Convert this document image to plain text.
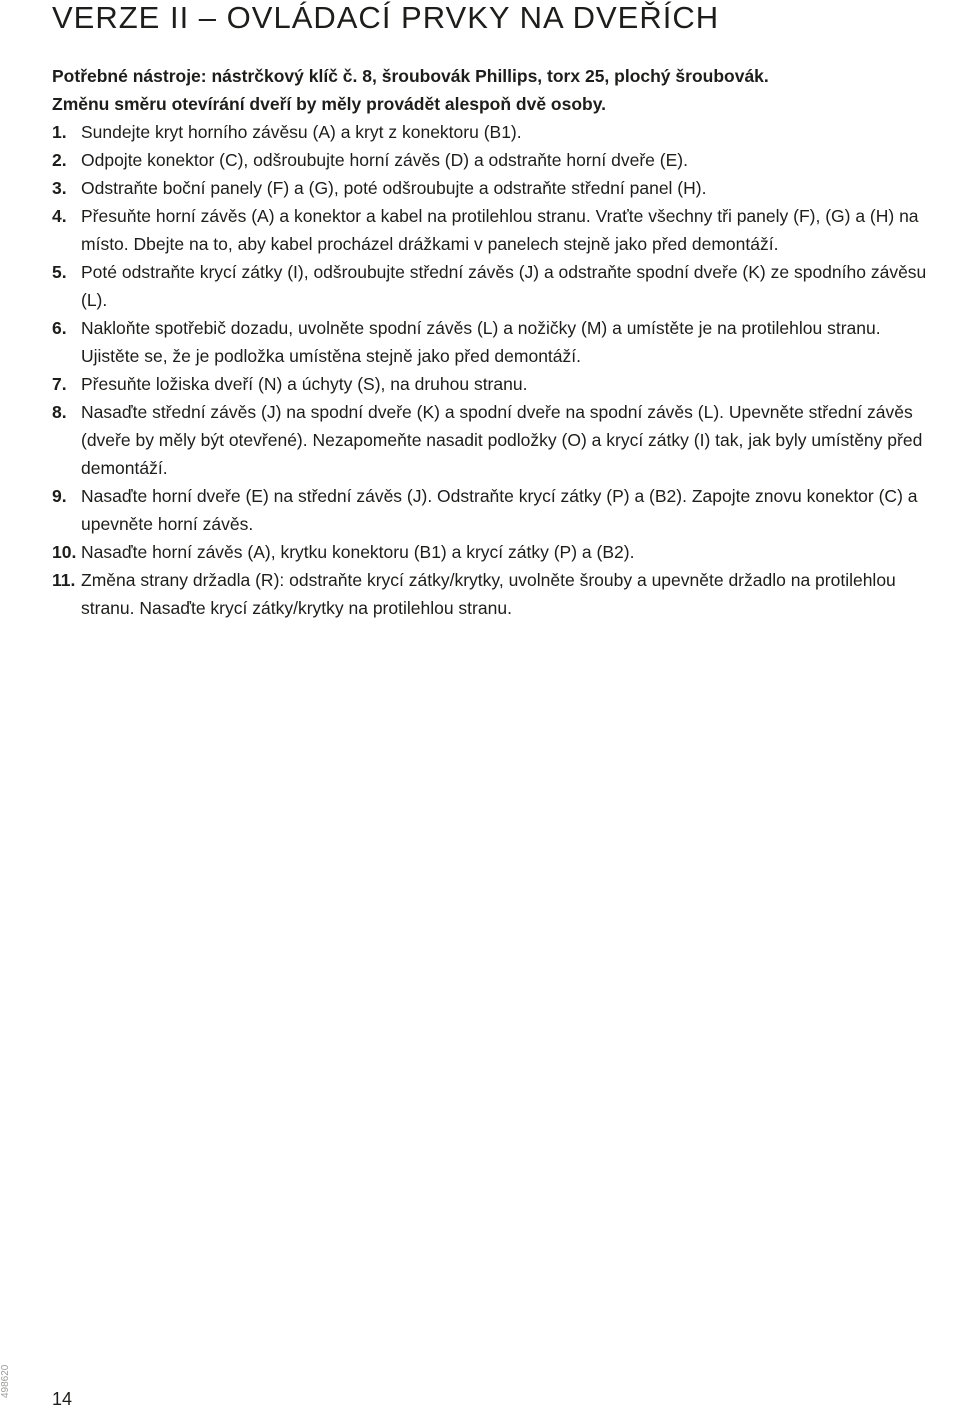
VERZE II – OVLÁDACÍ PRVKY NA DVEŘÍCH

Potřebné nástroje: nástrčkový klíč č. 8, šroubovák Phillips, torx 25, plochý šroubovák.

Změnu směru otevírání dveří by měly provádět alespoň dvě osoby.

1. Sundejte kryt horního závěsu (A) a kryt z konektoru (B1).
2. Odpojte konektor (C), odšroubujte horní závěs (D) a odstraňte horní dveře (E).
3. Odstraňte boční panely (F) a (G), poté odšroubujte a odstraňte střední panel (H).
4. Přesuňte horní závěs (A) a konektor a kabel na protilehlou stranu. Vraťte všechny tři panely (F), (G) a (H) na místo. Dbejte na to, aby kabel procházel drážkami v panelech stejně jako před demontáží.
5. Poté odstraňte krycí zátky (I), odšroubujte střední závěs (J) a odstraňte spodní dveře (K) ze spodního závěsu (L).
6. Nakloňte spotřebič dozadu, uvolněte spodní závěs (L) a nožičky (M) a umístěte je na protilehlou stranu. Ujistěte se, že je podložka umístěna stejně jako před demontáží.
7. Přesuňte ložiska dveří (N) a úchyty (S), na druhou stranu.
8. Nasaďte střední závěs (J) na spodní dveře (K) a spodní dveře na spodní závěs (L). Upevněte střední závěs (dveře by měly být otevřené). Nezapomeňte nasadit podložky (O) a krycí zátky (I) tak, jak byly umístěny před demontáží.
9. Nasaďte horní dveře (E) na střední závěs (J). Odstraňte krycí zátky (P) a (B2). Zapojte znovu konektor (C) a upevněte horní závěs.
10. Nasaďte horní závěs (A), krytku konektoru (B1) a krycí zátky (P) a (B2).
11. Změna strany držadla (R): odstraňte krycí zátky/krytky, uvolněte šrouby a upevněte držadlo na protilehlou stranu. Nasaďte krycí zátky/krytky na protilehlou stranu.
498620
14
